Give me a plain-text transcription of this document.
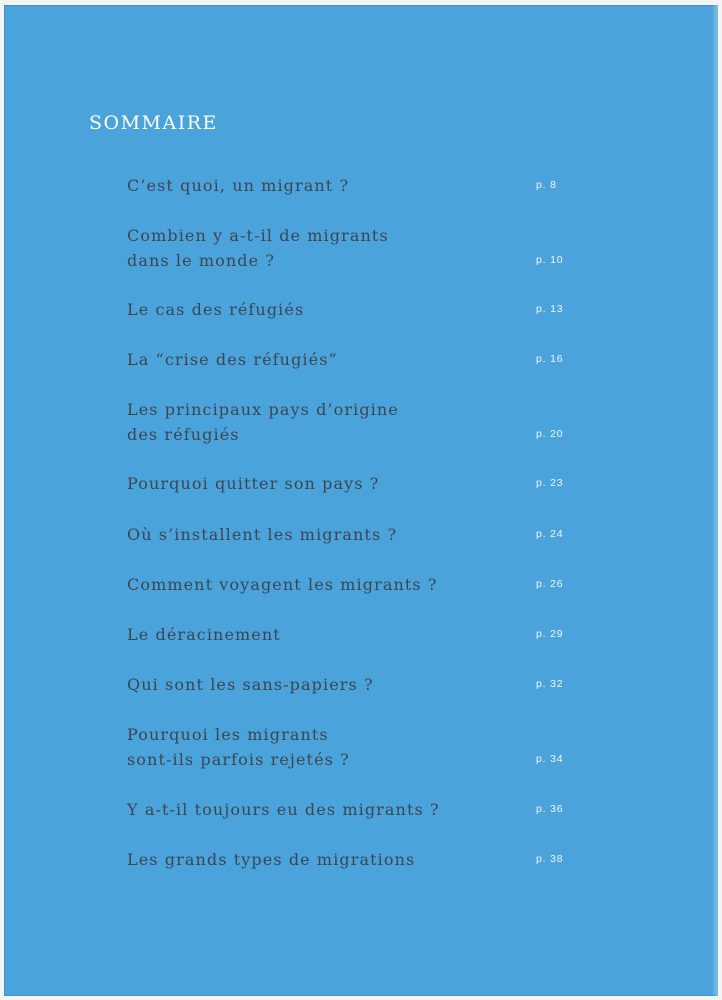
SOMMAIRE

C’est quoi, un migrant ?	p. 8

Combien y a-t-il de migrants
dans le monde ?	p. 10

Le cas des réfugiés	p. 13

La “crise des réfugiés”	p. 16

Les principaux pays d’origine
des réfugiés	p. 20

Pourquoi quitter son pays ?	p. 23

Où s’installent les migrants ?	p. 24

Comment voyagent les migrants ?	p. 26

Le déracinement	p. 29

Qui sont les sans-papiers ?	p. 32

Pourquoi les migrants
sont-ils parfois rejetés ?	p. 34

Y a-t-il toujours eu des migrants ?	p. 36

Les grands types de migrations	p. 38
